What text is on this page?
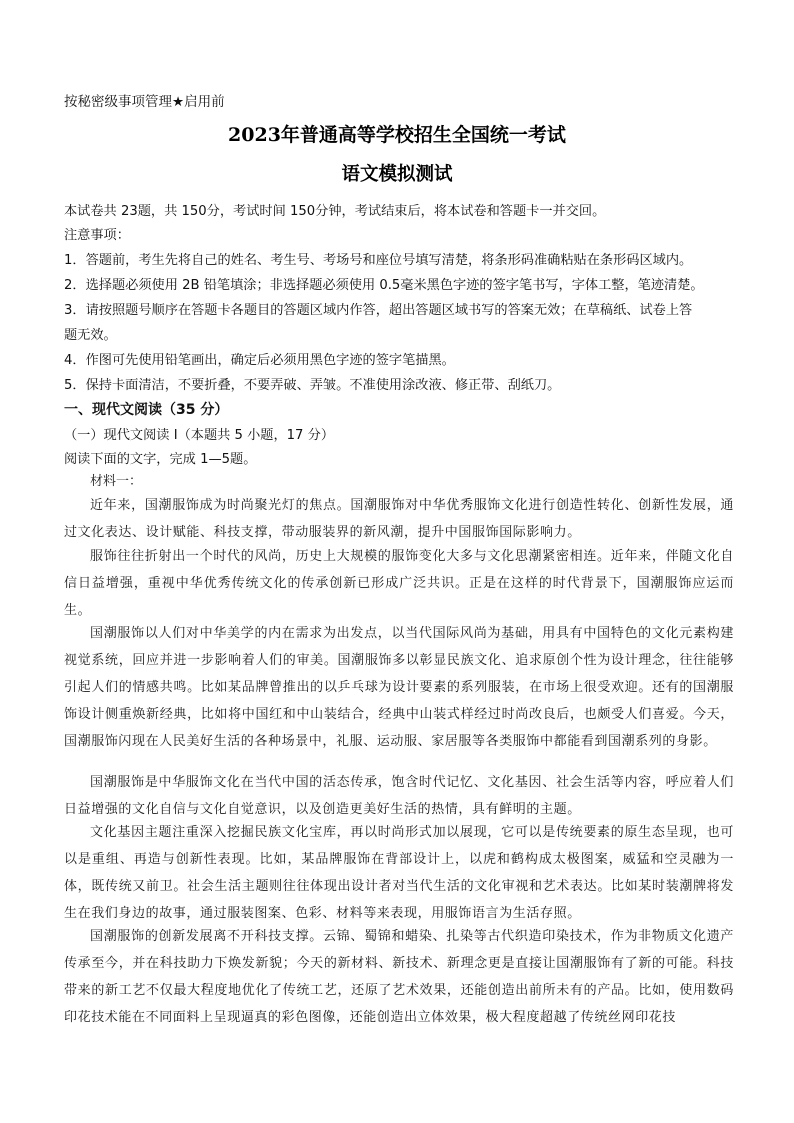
按秘密级事项管理★启用前
2023年普通高等学校招生全国统一考试
语文模拟测试
本试卷共 23题，共 150分，考试时间 150分钟，考试结束后，将本试卷和答题卡一并交回。
注意事项：
1．答题前，考生先将自己的姓名、考生号、考场号和座位号填写清楚，将条形码准确粘贴在条形码区域内。
2．选择题必须使用 2B 铅笔填涂；非选择题必须使用 0.5毫米黑色字迹的签字笔书写，字体工整，笔迹清楚。
3．请按照题号顺序在答题卡各题目的答题区域内作答，超出答题区域书写的答案无效；在草稿纸、试卷上答
题无效。
4．作图可先使用铅笔画出，确定后必须用黑色字迹的签字笔描黑。
5．保持卡面清洁，不要折叠，不要弄破、弄皱。不准使用涂改液、修正带、刮纸刀。
一、现代文阅读（35 分）
（一）现代文阅读 I（本题共 5 小题，17 分）
阅读下面的文字，完成 1—5题。
材料一：
近年来，国潮服饰成为时尚聚光灯的焦点。国潮服饰对中华优秀服饰文化进行创造性转化、创新性发展，通过文化表达、设计赋能、科技支撑，带动服装界的新风潮，提升中国服饰国际影响力。
服饰往往折射出一个时代的风尚，历史上大规模的服饰变化大多与文化思潮紧密相连。近年来，伴随文化自信日益增强，重视中华优秀传统文化的传承创新已形成广泛共识。正是在这样的时代背景下，国潮服饰应运而生。
国潮服饰以人们对中华美学的内在需求为出发点，以当代国际风尚为基础，用具有中国特色的文化元素构建视觉系统，回应并进一步影响着人们的审美。国潮服饰多以彰显民族文化、追求原创个性为设计理念，往往能够引起人们的情感共鸣。比如某品牌曾推出的以乒乓球为设计要素的系列服装，在市场上很受欢迎。还有的国潮服饰设计侧重焕新经典，比如将中国红和中山装结合，经典中山装式样经过时尚改良后，也颇受人们喜爱。今天，国潮服饰闪现在人民美好生活的各种场景中，礼服、运动服、家居服等各类服饰中都能看到国潮系列的身影。
国潮服饰是中华服饰文化在当代中国的活态传承，饱含时代记忆、文化基因、社会生活等内容，呼应着人们日益增强的文化自信与文化自觉意识，以及创造更美好生活的热情，具有鲜明的主题。
文化基因主题注重深入挖掘民族文化宝库，再以时尚形式加以展现，它可以是传统要素的原生态呈现，也可以是重组、再造与创新性表现。比如，某品牌服饰在背部设计上，以虎和鹤构成太极图案，威猛和空灵融为一体，既传统又前卫。社会生活主题则往往体现出设计者对当代生活的文化审视和艺术表达。比如某时装潮牌将发生在我们身边的故事，通过服装图案、色彩、材料等来表现，用服饰语言为生活存照。
国潮服饰的创新发展离不开科技支撑。云锦、蜀锦和蜡染、扎染等古代织造印染技术，作为非物质文化遗产传承至今，并在科技助力下焕发新貌；今天的新材料、新技术、新理念更是直接让国潮服饰有了新的可能。科技带来的新工艺不仅最大程度地优化了传统工艺，还原了艺术效果，还能创造出前所未有的产品。比如，使用数码印花技术能在不同面料上呈现逼真的彩色图像，还能创造出立体效果，极大程度超越了传统丝网印花技
